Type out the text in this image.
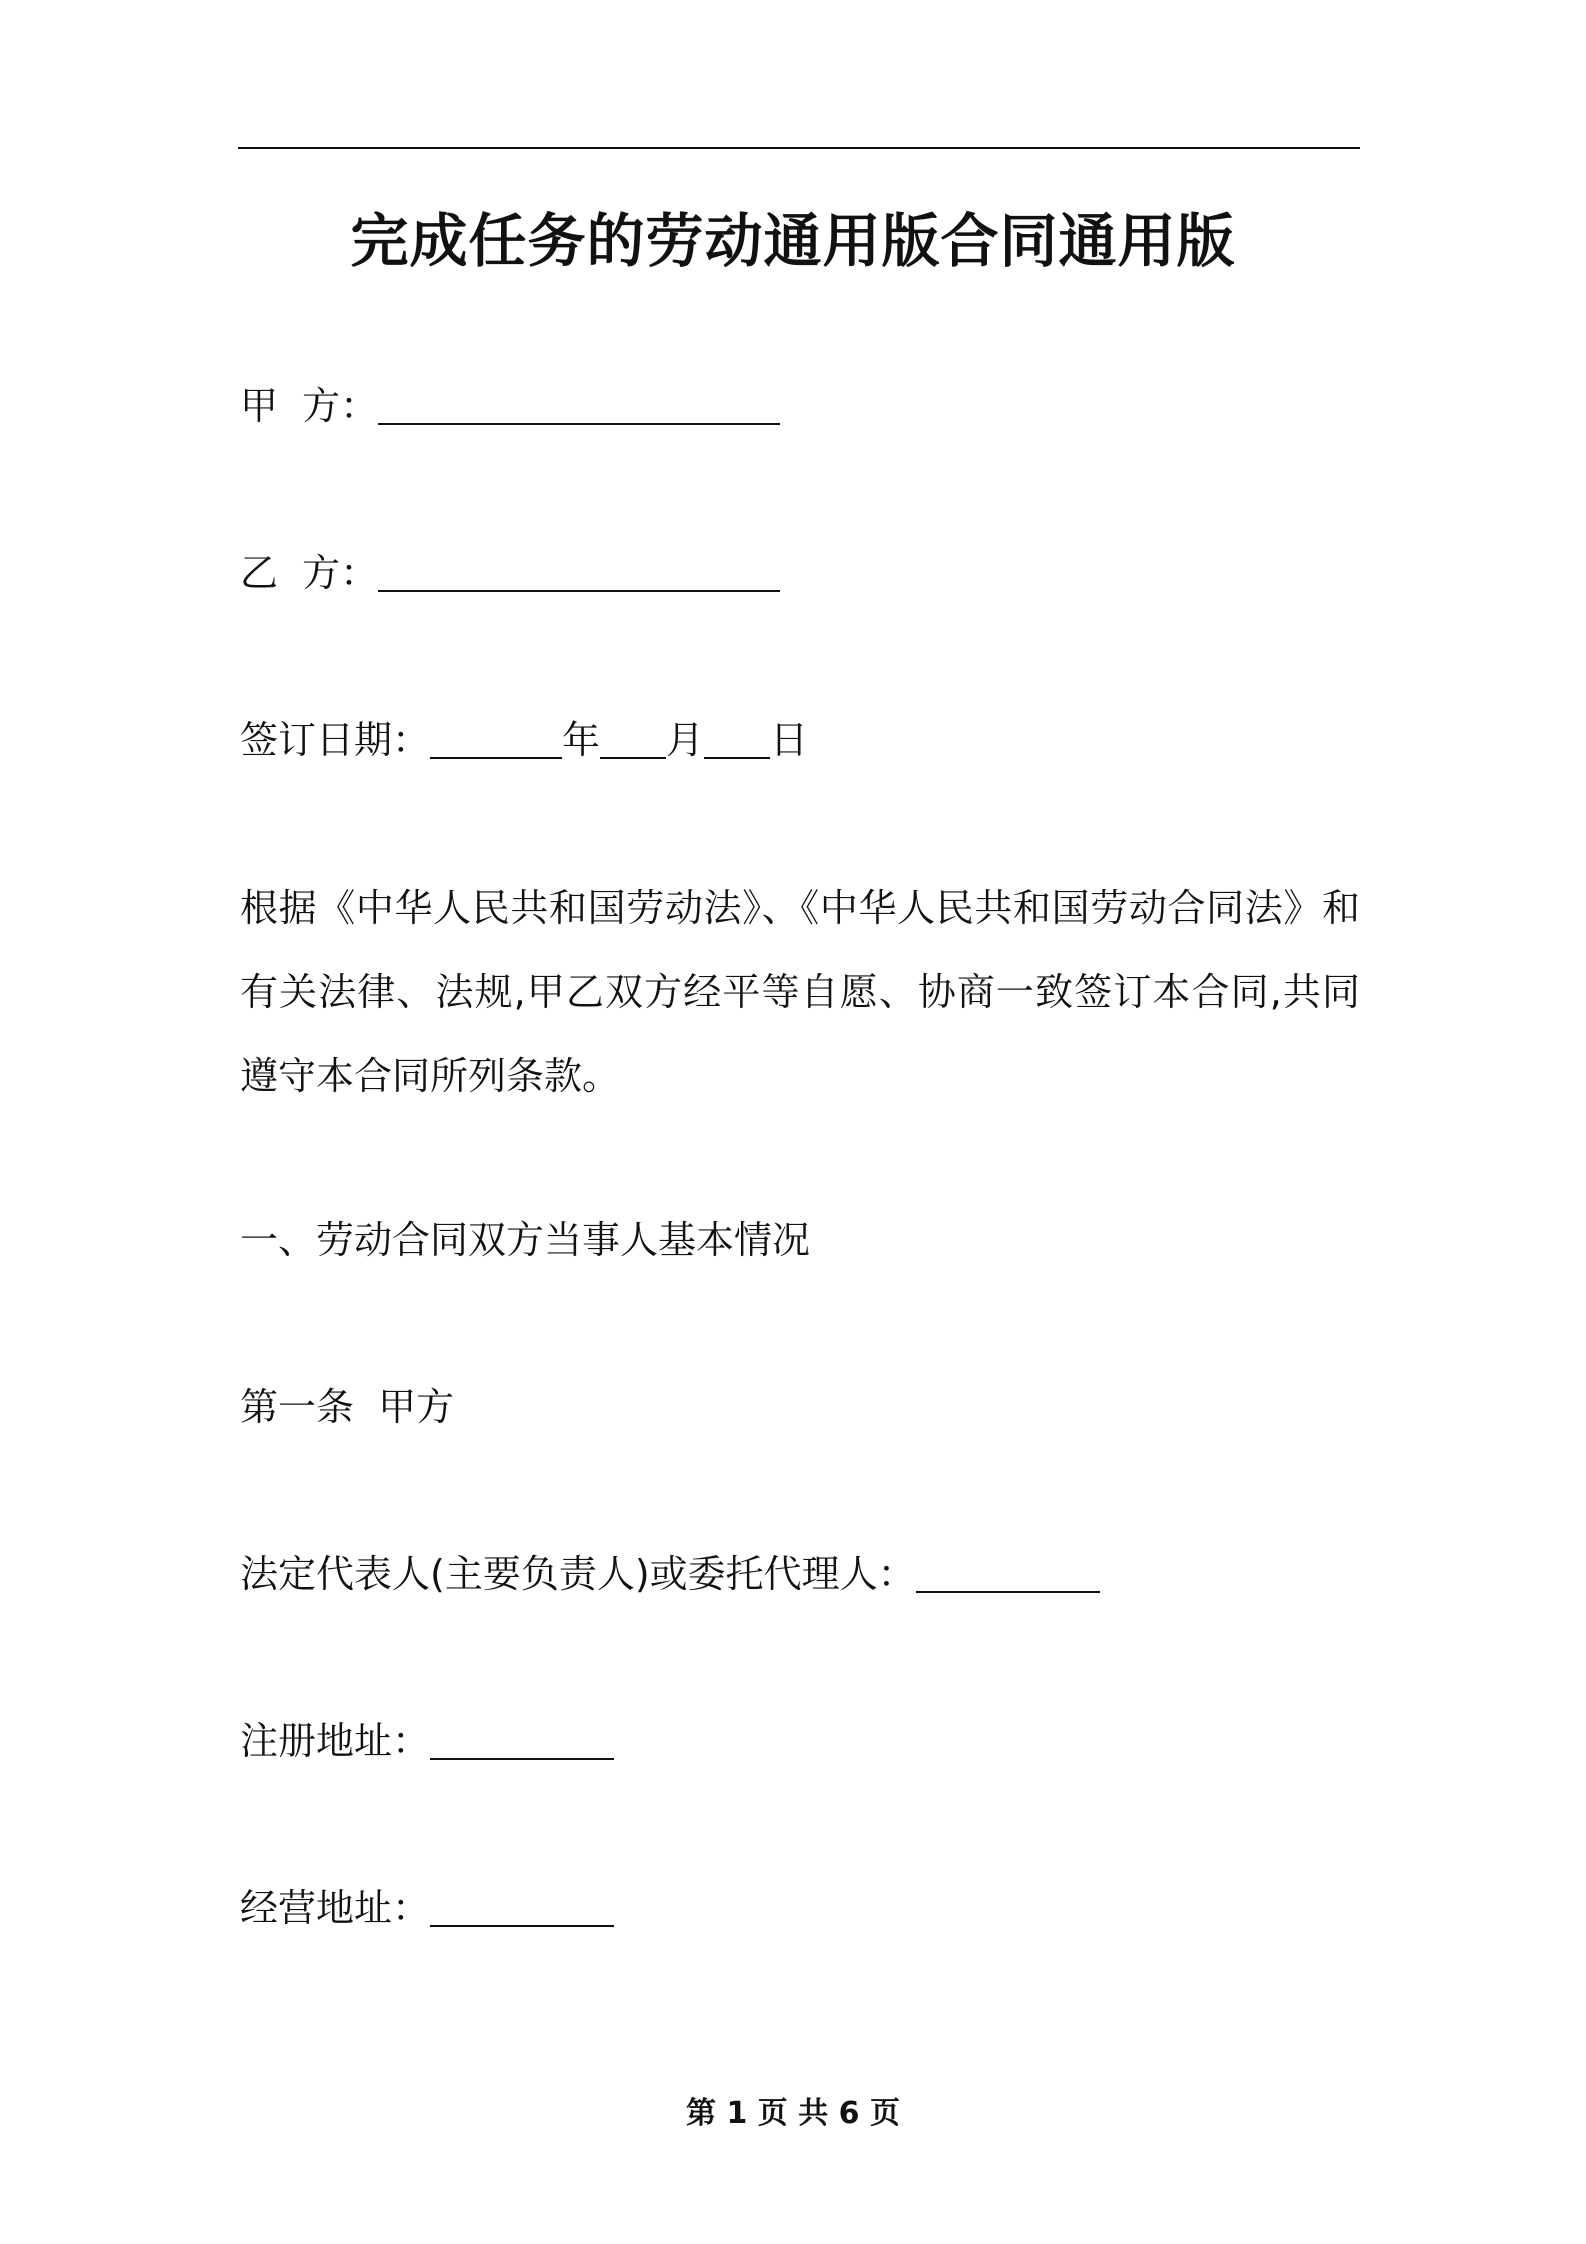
完成任务的劳动通用版合同通用版
甲  方：
乙  方：
签订日期：	年 月 日
根据《中华人民共和国劳动法》、《中华人民共和国劳动合同法》和有关法律、法规,甲乙双方经平等自愿、协商一致签订本合同,共同遵守本合同所列条款。
一、劳动合同双方当事人基本情况
第一条  甲方
法定代表人(主要负责人)或委托代理人：
注册地址：
经营地址：
第 1 页 共 6 页
